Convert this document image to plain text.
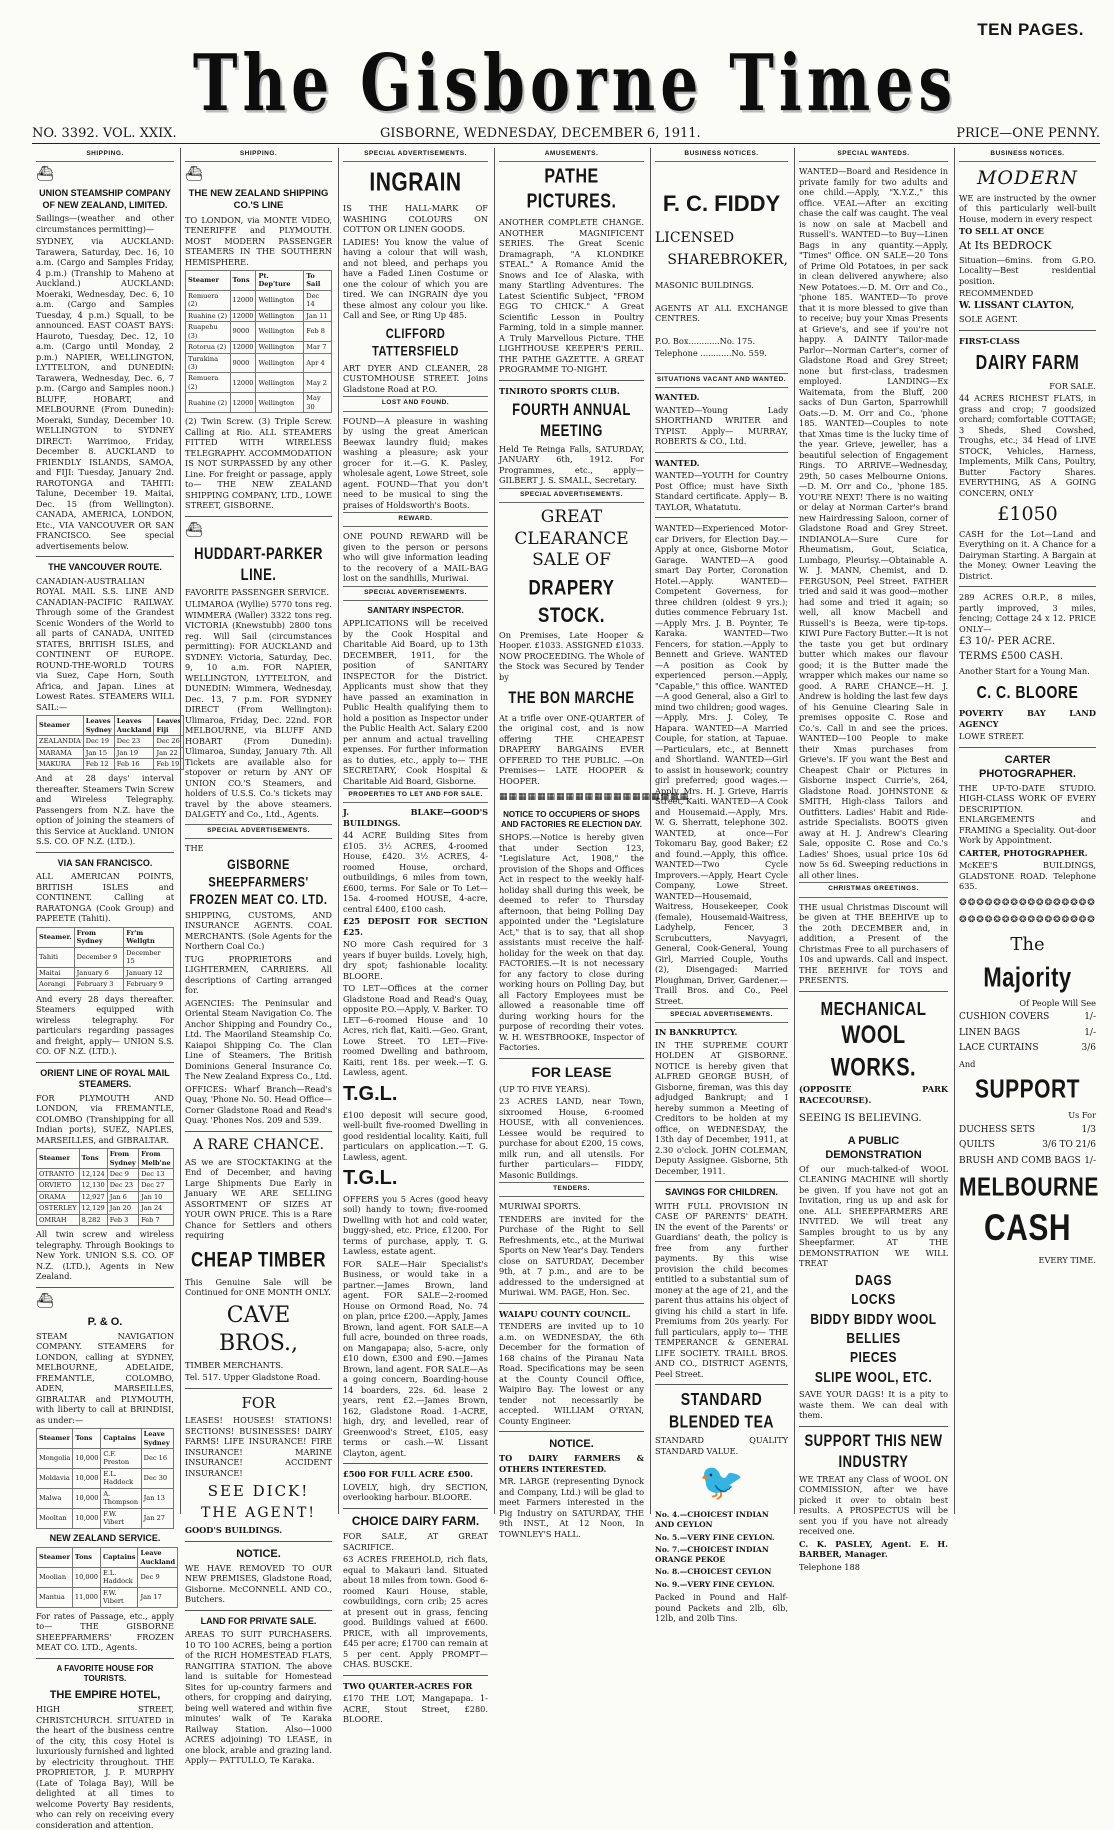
TEN PAGES.
The Gisborne Times
NO. 3392. VOL. XXIX.	GISBORNE, WEDNESDAY, DECEMBER 6, 1911.	PRICE—ONE PENNY.
SHIPPING.
⛴
UNION STEAMSHIP COMPANY OF NEW ZEALAND, LIMITED.

Sailings—(weather and other circumstances permitting)—

SYDNEY, via AUCKLAND: Tarawera, Saturday, Dec. 16, 10 a.m. (Cargo and Samples Friday, 4 p.m.) (Tranship to Maheno at Auckland.) AUCKLAND: Moeraki, Wednesday, Dec. 6, 10 a.m. (Cargo and Samples Tuesday, 4 p.m.) Squall, to be announced. EAST COAST BAYS: Hauroto, Tuesday, Dec. 12, 10 a.m. (Cargo until Monday, 2 p.m.) NAPIER, WELLINGTON, LYTTELTON, and DUNEDIN: Tarawera, Wednesday, Dec. 6, 7 p.m. (Cargo and Samples noon.) BLUFF, HOBART, and MELBOURNE (From Dunedin): Moeraki, Sunday, December 10. WELLINGTON to SYDNEY DIRECT: Warrimoo, Friday, December 8. AUCKLAND to FRIENDLY ISLANDS, SAMOA, and FIJI: Tuesday, January 2nd. RAROTONGA and TAHITI: Talune, December 19. Maitai, Dec. 15 (from Wellington). CANADA, AMERICA, LONDON, Etc., VIA VANCOUVER OR SAN FRANCISCO. See special advertisements below.

THE VANCOUVER ROUTE.

CANADIAN-AUSTRALIAN ROYAL MAIL S.S. LINE AND CANADIAN-PACIFIC RAILWAY. Through some of the Grandest Scenic Wonders of the World to all parts of CANADA, UNITED STATES, BRITISH ISLES, and CONTINENT OF EUROPE. ROUND-THE-WORLD TOURS via Suez, Cape Horn, South Africa, and Japan. Lines at Lowest Rates. STEAMERS WILL SAIL:—

Steamer	Leaves Sydney	Leaves Auckland	Leaves Fiji
ZEALANDIA	Dec 19	Dec 23	Dec 26
MARAMA	Jan 15	Jan 19	Jan 22
MAKURA	Feb 12	Feb 16	Feb 19

And at 28 days' interval thereafter. Steamers Twin Screw and Wireless Telegraphy. Passengers from N.Z. have the option of joining the steamers of this Service at Auckland. UNION S.S. CO. OF N.Z. (LTD.).

VIA SAN FRANCISCO.

ALL AMERICAN POINTS, BRITISH ISLES and CONTINENT. Calling at RARATONGA (Cook Group) and PAPEETE (Tahiti).

Steamer.	From Sydney	Fr'm Wellgtn
Tahiti	December 9	December 15
Maitai	January 6	January 12
Aorangi	February 3	February 9

And every 28 days thereafter. Steamers equipped with wireless telegraphy. For particulars regarding passages and freight, apply— UNION S.S. CO. OF N.Z. (LTD.).

ORIENT LINE OF ROYAL MAIL STEAMERS.

FOR PLYMOUTH AND LONDON, via FREMANTLE, COLOMBO (Transhipping for all Indian ports), SUEZ, NAPLES, MARSEILLES, and GIBRALTAR.

Steamer	Tons	From Sydney	From Melb'ne
OTRANTO	12,124	Dec 9	Dec 13
ORVIETO	12,130	Dec 23	Dec 27
ORAMA	12,927	Jan 6	Jan 10
OSTERLEY	12,129	Jan 20	Jan 24
OMRAH	8,282	Feb 3	Feb 7

All twin screw and wireless telegraphy. Through Bookings to New York. UNION S.S. CO. OF N.Z. (LTD.), Agents in New Zealand.

⛴
P. & O.

STEAM NAVIGATION COMPANY. STEAMERS for LONDON, calling at SYDNEY, MELBOURNE, ADELAIDE, FREMANTLE, COLOMBO, ADEN, MARSEILLES, GIBRALTAR and PLYMOUTH, with liberty to call at BRINDISI, as under:—

Steamer	Tons	Captains	Leave Sydney
Mongolia	10,000	C.F. Preston	Dec 16
Moldavia	10,000	E.L. Haddock	Dec 30
Malwa	10,000	A. Thompson	Jan 13
Mooltan	10,000	F.W. Vibert	Jan 27
NEW ZEALAND SERVICE.
Steamer	Tons	Captains	Leave Auckland
Moolian	10,000	E.L. Haddock	Dec 9
Mantua	11,000	F.W. Vibert	Jan 17

For rates of Passage, etc., apply to— THE GISBORNE SHEEPFARMERS' FROZEN MEAT CO. LTD., Agents.

A FAVORITE HOUSE FOR TOURISTS.
THE EMPIRE HOTEL,

HIGH STREET, CHRISTCHURCH. SITUATED in the heart of the business centre of the city, this cosy Hotel is luxuriously furnished and lighted by electricity throughout. THE PROPRIETOR, J. P. MURPHY (Late of Tolaga Bay), Will be delighted at all times to welcome Poverty Bay residents, who can rely on receiving every consideration and attention.

SHIPPING.
⛴
THE NEW ZEALAND SHIPPING CO.'S LINE

TO LONDON, via MONTE VIDEO, TENERIFFE and PLYMOUTH. MOST MODERN PASSENGER STEAMERS IN THE SOUTHERN HEMISPHERE.

Steamer	Tons	Pt. Dep'ture	To Sail
Remuera (2)	12000	Wellington	Dec 14
Ruahine (2)	12000	Wellington	Jan 11
Ruapehu (3)	9000	Wellington	Feb 8
Rotorua (2)	12000	Wellington	Mar 7
Turakina (3)	9000	Wellington	Apr 4
Remuera (2)	12000	Wellington	May 2
Ruahine (2)	12000	Wellington	May 30

(2) Twin Screw. (3) Triple Screw. Calling at Rio. ALL STEAMERS FITTED WITH WIRELESS TELEGRAPHY. ACCOMMODATION IS NOT SURPASSED by any other Line. For freight or passage, apply to— THE NEW ZEALAND SHIPPING COMPANY, LTD., LOWE STREET, GISBORNE.

⛴
HUDDART-PARKER LINE.

FAVORITE PASSENGER SERVICE.

ULIMAROA (Wyllie) 5770 tons reg. WIMMERA (Waller) 3322 tons reg. VICTORIA (Knewstubb) 2800 tons reg. Will Sail (circumstances permitting): FOR AUCKLAND and SYDNEY: Victoria, Saturday, Dec. 9, 10 a.m. FOR NAPIER, WELLINGTON, LYTTELTON, and DUNEDIN: Wimmera, Wednesday, Dec. 13, 7 p.m. FOR SYDNEY DIRECT (From Wellington): Ulimaroa, Friday, Dec. 22nd. FOR MELBOURNE, via BLUFF AND HOBART (From Dunedin): Ulimaroa, Sunday, January 7th. All Tickets are available also for stopover or return by ANY OF UNION CO.'S Steamers, and holders of U.S.S. Co.'s tickets may travel by the above steamers. DALGETY and Co., Ltd., Agents.

SPECIAL ADVERTISEMENTS.

THE

GISBORNE SHEEPFARMERS' FROZEN MEAT CO. LTD.

SHIPPING, CUSTOMS, AND INSURANCE AGENTS. COAL MERCHANTS. (Sole Agents for the Northern Coal Co.)

TUG PROPRIETORS and LIGHTERMEN, CARRIERS. All descriptions of Carting arranged for.

AGENCIES: The Peninsular and Oriental Steam Navigation Co. The Anchor Shipping and Foundry Co., Ltd. The Maoriland Steamship Co. Kaiapoi Shipping Co. The Clan Line of Steamers. The British Dominions General Insurance Co. The New Zealand Express Co., Ltd.

OFFICES: Wharf Branch—Read's Quay, 'Phone No. 50. Head Office—Corner Gladstone Road and Read's Quay. 'Phones Nos. 209 and 539.

A RARE CHANCE.

AS we are STOCKTAKING at the End of December, and having Large Shipments Due Early in January WE ARE SELLING ASSORTMENT OF SIZES AT YOUR OWN PRICE. This is a Rare Chance for Settlers and others requiring

CHEAP TIMBER

This Genuine Sale will be Continued for ONE MONTH ONLY.

CAVE BROS.,

TIMBER MERCHANTS.

Tel. 517. Upper Gladstone Road.

FOR

LEASES! HOUSES! STATIONS! SECTIONS! BUSINESSES! DAIRY FARMS! LIFE INSURANCE! FIRE INSURANCE! MARINE INSURANCE! ACCIDENT INSURANCE!

SEE DICK!
THE AGENT!

GOOD'S BUILDINGS.

NOTICE.

WE HAVE REMOVED TO OUR NEW PREMISES, Gladstone Road, Gisborne. McCONNELL AND CO., Butchers.

LAND FOR PRIVATE SALE.

AREAS TO SUIT PURCHASERS. 10 TO 100 ACRES, being a portion of the RICH HOMESTEAD FLATS, RANGITIRA STATION. The above land is suitable for Homestead Sites for up-country farmers and others, for cropping and dairying, being well watered and within five minutes' walk of Te Karaka Railway Station. Also—1000 ACRES adjoining) TO LEASE, in one block, arable and grazing land. Apply— PATTULLO, Te Karaka.

SPECIAL ADVERTISEMENTS.
INGRAIN

IS THE HALL-MARK OF WASHING COLOURS ON COTTON OR LINEN GOODS.

LADIES! You know the value of having a colour that will wash, and not bleed, and perhaps you have a Faded Linen Costume or one the colour of which you are tired. We can INGRAIN dye you these almost any colour you like. Call and See, or Ring Up 485.

CLIFFORD TATTERSFIELD

ART DYER AND CLEANER, 28 CUSTOMHOUSE STREET. Joins Gladstone Road at P.O.

LOST AND FOUND.

FOUND—A pleasure in washing by using the great American Beewax laundry fluid; makes washing a pleasure; ask your grocer for it.—G. K. Pasley, wholesale agent, Lowe Street, sole agent. FOUND—That you don't need to be musical to sing the praises of Holdsworth's Boots.

REWARD.

ONE POUND REWARD will be given to the person or persons who will give information leading to the recovery of a MAIL-BAG lost on the sandhills, Muriwai.

SPECIAL ADVERTISEMENTS.
SANITARY INSPECTOR.

APPLICATIONS will be received by the Cook Hospital and Charitable Aid Board, up to 13th DECEMBER, 1911, for the position of SANITARY INSPECTOR for the District. Applicants must show that they have passed an examination in Public Health qualifying them to hold a position as Inspector under the Public Health Act. Salary £200 per annum and actual travelling expenses. For further information as to duties, etc., apply to— THE SECRETARY, Cook Hospital & Charitable Aid Board, Gisborne.

PROPERTIES TO LET AND FOR SALE.

J. BLAKE—GOOD'S BUILDINGS.

44 ACRE Building Sites from £105. 3½ ACRES, 4-roomed House, £420. 3½ ACRES, 4-roomed House, orchard, outbuildings, 6 miles from town, £600, terms. For Sale or To Let—15a. 4-roomed HOUSE, 4-acre, central £400, £100 cash.

£25 DEPOSIT FOR SECTION £25.

NO more Cash required for 3 years if buyer builds. Lovely, high, dry spot; fashionable locality. BLOORE.

TO LET—Offices at the corner Gladstone Road and Read's Quay, opposite P.O.—Apply, V. Barker. TO LET—6-roomed House and 10 Acres, rich flat, Kaiti.—Geo. Grant, Lowe Street. TO LET—Five-roomed Dwelling and bathroom, Kaiti, rent 18s. per week.—T. G. Lawless, agent.

T.G.L.

£100 deposit will secure good, well-built five-roomed Dwelling in good residential locality. Kaiti, full particulars on application.—T. G. Lawless, agent.

T.G.L.

OFFERS you 5 Acres (good heavy soil) handy to town; five-roomed Dwelling with hot and cold water, buggy-shed, etc. Price, £1200. For terms of purchase, apply, T. G. Lawless, estate agent.

FOR SALE—Hair Specialist's Business, or would take in a partner.—James Brown, land agent. FOR SALE—2-roomed House on Ormond Road, No. 74 on plan, price £200.—Apply, James Brown, land agent. FOR SALE—A full acre, bounded on three roads, on Mangapapa; also, 5-acre, only £10 down, £300 and £90.—James Brown, land agent. FOR SALE—As a going concern, Boarding-house 14 boarders, 22s. 6d. lease 2 years, rent £2.—James Brown, 162, Gladstone Road. 1-ACRE, high, dry, and levelled, rear of Greenwood's Street, £105, easy terms or cash.—W. Lissant Clayton, agent.

£500 FOR FULL ACRE £500.

LOVELY, high, dry SECTION, overlooking harbour. BLOORE.

CHOICE DAIRY FARM.

FOR SALE, AT GREAT SACRIFICE.

63 ACRES FREEHOLD, rich flats, equal to Makauri land. Situated about 18 miles from town. Good 6-roomed Kauri House, stable, cowbuildings, corn crib; 25 acres at present out in grass, fencing good. Buildings valued at £600. PRICE, with all improvements, £45 per acre; £1700 can remain at 5 per cent. Apply PROMPT— CHAS. BUSCKE.

TWO QUARTER-ACRES FOR

£170 THE LOT, Mangapapa. 1-ACRE, Stout Street, £280. BLOORE.

AMUSEMENTS.
PATHE PICTURES.

ANOTHER COMPLETE CHANGE. ANOTHER MAGNIFICENT SERIES. The Great Scenic Dramagraph, "A KLONDIKE STEAL." A Romance Amid the Snows and Ice of Alaska, with many Startling Adventures. The Latest Scientific Subject, "FROM EGG TO CHICK." A Great Scientific Lesson in Poultry Farming, told in a simple manner. A Truly Marvellous Picture. THE LIGHTHOUSE KEEPER'S PERIL. THE PATHE GAZETTE. A GREAT PROGRAMME TO-NIGHT.

TINIROTO SPORTS CLUB.

FOURTH ANNUAL MEETING

Held Te Reinga Falls, SATURDAY, JANUARY 6th, 1912. For Programmes, etc., apply— GILBERT J. S. SMALL, Secretary.

SPECIAL ADVERTISEMENTS.
GREAT CLEARANCE SALE OF
DRAPERY STOCK.

On Premises, Late Hooper & Hooper. £1033. ASSIGNED £1033. NOW PROCEEDING. The Whole of the Stock was Secured by Tender by

THE BON MARCHE

At a trifle over ONE-QUARTER of the original cost, and is now offering THE CHEAPEST DRAPERY BARGAINS EVER OFFERED TO THE PUBLIC. —On Premises— LATE HOOPER & HOOPER.

▦▦▦▦▦▦▦▦▦▦▦▦▦▦▦▦▦▦▦▦
NOTICE TO OCCUPIERS OF SHOPS AND FACTORIES RE ELECTION DAY.

SHOPS.—Notice is hereby given that under Section 123, "Legislature Act, 1908," the provision of the Shops and Offices Act in respect to the weekly half-holiday shall during this week, be deemed to refer to Thursday afternoon, that being Polling Day appointed under the "Legislature Act," that is to say, that all shop assistants must receive the half-holiday for the week on that day. FACTORIES.—It is not necessary for any factory to close during working hours on Polling Day, but all Factory Employees must be allowed a reasonable time off during working hours for the purpose of recording their votes. W. H. WESTBROOKE, Inspector of Factories.

FOR LEASE

(UP TO FIVE YEARS).

23 ACRES LAND, near Town, sixroomed House, 6-roomed HOUSE, with all conveniences. Lessee would be required to purchase for about £200, 15 cows, milk run, and all utensils. For further particulars— FIDDY, Masonic Buildings.

TENDERS.

MURIWAI SPORTS.

TENDERS are invited for the Purchase of the Right to Sell Refreshments, etc., at the Muriwai Sports on New Year's Day. Tenders close on SATURDAY, December 9th, at 7 p.m., and are to be addressed to the undersigned at Muriwai. WM. PAGE, Hon. Sec.

WAIAPU COUNTY COUNCIL.

TENDERS are invited up to 10 a.m. on WEDNESDAY, the 6th December for the formation of 168 chains of the Piranau Nata Road. Specifications may be seen at the County Council Office, Waipiro Bay. The lowest or any tender not necessarily be accepted. WILLIAM O'RYAN, County Engineer.

NOTICE.

TO DAIRY FARMERS & OTHERS INTERESTED.

MR. LARGE (representing Dynock and Company, Ltd.) will be glad to meet Farmers interested in the Pig Industry on SATURDAY, THE 9th INST., At 12 Noon, In TOWNLEY'S HALL.

BUSINESS NOTICES.
F. C. FIDDY
LICENSED
SHAREBROKER,

MASONIC BUILDINGS.

AGENTS AT ALL EXCHANGE CENTRES.

P.O. Box............No. 175.

Telephone ............No. 559.

SITUATIONS VACANT AND WANTED.

WANTED.

WANTED—Young Lady SHORTHAND WRITER and TYPIST. Apply— MURRAY, ROBERTS & CO., Ltd.

WANTED.

WANTED—YOUTH for Country Post Office; must have Sixth Standard certificate. Apply— B. TAYLOR, Whatatutu.

WANTED—Experienced Motor-car Drivers, for Election Day.—Apply at once, Gisborne Motor Garage. WANTED—A good smart Day Porter, Coronation Hotel.—Apply. WANTED—Competent Governess, for three children (oldest 9 yrs.); duties commence February 1st.—Apply Mrs. J. B. Poynter, Te Karaka. WANTED—Two Fencers, for station.—Apply to Bennett and Grieve. WANTED—A position as Cook by experienced person.—Apply, "Capable," this office. WANTED—A good General, also a Girl to mind two children; good wages.—Apply, Mrs. J. Coley, Te Hapara. WANTED—A Married Couple, for station, at Tapuae.—Particulars, etc., at Bennett and Shortland. WANTED—Girl to assist in housework; country girl preferred; good wages.—Apply, Mrs. H. J. Grieve, Harris Street, Kaiti. WANTED—A Cook and Housemaid.—Apply, Mrs. W. G. Sherratt, telephone 302. WANTED, at once—For Tokomaru Bay, good Baker; £2 and found.—Apply, this office. WANTED—Two Cycle Improvers.—Apply, Heart Cycle Company, Lowe Street. WANTED—Housemaid, Waitress, Housekeeper, Cook (female), Housemaid-Waitress, Ladyhelp, Fencer, 3 Scrubcutters, Navyagri, General, Cook-General, Young Girl, Married Couple, Youths (2), Disengaged: Married Ploughman, Driver, Gardener.—Traill Bros. and Co., Peel Street.

SPECIAL ADVERTISEMENTS.

IN BANKRUPTCY.

IN THE SUPREME COURT HOLDEN AT GISBORNE. NOTICE is hereby given that ALFRED GEORGE BUSH, of Gisborne, fireman, was this day adjudged Bankrupt; and I hereby summon a Meeting of Creditors to be holden at my office, on WEDNESDAY, the 13th day of December, 1911, at 2.30 o'clock. JOHN COLEMAN, Deputy Assignee. Gisborne, 5th December, 1911.

SAVINGS FOR CHILDREN.

WITH FULL PROVISION IN CASE OF PARENTS' DEATH. IN the event of the Parents' or Guardians' death, the policy is free from any further payments. By this wise provision the child becomes entitled to a substantial sum of money at the age of 21, and the parent thus attains his object of giving his child a start in life. Premiums from 20s yearly. For full particulars, apply to— THE TEMPERANCE & GENERAL LIFE SOCIETY. TRAILL BROS. AND CO., DISTRICT AGENTS, Peel Street.

STANDARD BLENDED TEA

STANDARD QUALITY STANDARD VALUE.

🐦
No. 4.—CHOICEST INDIAN AND CEYLON
No. 5.—VERY FINE CEYLON.
No. 7.—CHOICEST INDIAN ORANGE PEKOE
No. 8.—CHOICEST CEYLON
No. 9.—VERY FINE CEYLON.

Packed in Pound and Half-pound Packets and 2lb, 6lb, 12lb, and 20lb Tins.

SPECIAL WANTEDS.

WANTED—Board and Residence in private family for two adults and one child.—Apply, "X.Y.Z.," this office. VEAL—After an exciting chase the calf was caught. The veal is now on sale at Macbell and Russell's. WANTED—to Buy—Linen Bags in any quantity.—Apply, "Times" Office. ON SALE—20 Tons of Prime Old Potatoes, in per sack in clean delivered anywhere; also New Potatoes.—D. M. Orr and Co., 'phone 185. WANTED—To prove that it is more blessed to give than to receive; buy your Xmas Presents at Grieve's, and see if you're not happy. A DAINTY Tailor-made Parlor—Norman Carter's, corner of Gladstone Road and Grey Street; none but first-class, tradesmen employed. LANDING—Ex Waitemata, from the Bluff, 200 sacks of Dun Garton, Sparrowhill Oats.—D. M. Orr and Co., 'phone 185. WANTED—Couples to note that Xmas time is the lucky time of the year. Grieve, jeweller, has a beautiful selection of Engagement Rings. TO ARRIVE—Wednesday, 29th, 50 cases Melbourne Onions.—D. M. Orr and Co., 'phone 185. YOU'RE NEXT! There is no waiting or delay at Norman Carter's brand new Hairdressing Saloon, corner of Gladstone Road and Grey Street. INDIANOLA—Sure Cure for Rheumatism, Gout, Sciatica, Lumbago, Pleurisy.—Obtainable A. W. J. MANN, Chemist, and D. FERGUSON, Peel Street. FATHER tried and said it was good—mother had some and tried it again; so well, all know Macbell and Russell's is Beeza, were tip-tops. KIWI Pure Factory Butter.—It is not the taste you get but ordinary butter which makes our flavour good; it is the Butter made the wrapper which makes our name so good. A RARE CHANCE—H. J. Andrew is holding the last few days of his Genuine Clearing Sale in premises opposite C. Rose and Co.'s. Call in and see the prices. WANTED—100 People to make their Xmas purchases from Grieve's. IF you want the Best and Cheapest Chair or Pictures in Gisborne inspect Currie's, 264, Gladstone Road. JOHNSTONE & SMITH, High-class Tailors and Outfitters. Ladies' Habit and Ride-astride Specialists. BOOTS given away at H. J. Andrew's Clearing Sale, opposite C. Rose and Co.'s Ladies' Shoes, usual price 10s 6d now 5s 6d. Sweeping reductions in all other lines.

CHRISTMAS GREETINGS.

THE usual Christmas Discount will be given at THE BEEHIVE up to the 20th DECEMBER and, in addition, a Present of the Christmas Free to all purchasers of 10s and upwards. Call and inspect. THE BEEHIVE for TOYS and PRESENTS.

MECHANICAL
WOOL WORKS.

(OPPOSITE PARK RACECOURSE).

SEEING IS BELIEVING.

A PUBLIC DEMONSTRATION

Of our much-talked-of WOOL CLEANING MACHINE will shortly be given. If you have not got an Invitation, ring us up and ask for one. ALL SHEEPFARMERS ARE INVITED. We will treat any Samples brought to us by any Sheepfarmer. AT THE DEMONSTRATION WE WILL TREAT

DAGS
LOCKS
BIDDY BIDDY WOOL
BELLIES
PIECES
SLIPE WOOL, ETC.

SAVE YOUR DAGS! It is a pity to waste them. We can deal with them.

SUPPORT THIS NEW INDUSTRY

WE TREAT any Class of WOOL ON COMMISSION, after we have picked it over to obtain best results. A PROSPECTUS will be sent you if you have not already received one.

C. K. PASLEY, Agent. E. H. BARBER, Manager.

Telephone 188

BUSINESS NOTICES.
MODERN

WE are instructed by the owner of this particularly well-built House, modern in every respect

TO SELL AT ONCE

At Its BEDROCK

Situation—6mins. from G.P.O. Locality—Best residential position.

RECOMMENDED

W. LISSANT CLAYTON,

SOLE AGENT.

FIRST-CLASS

DAIRY FARM

FOR SALE.

44 ACRES RICHEST FLATS, in grass and crop; 7 goodsized orchard; comfortable COTTAGE; 3 Sheds, Shed Cowshed, Troughs, etc.; 34 Head of LIVE STOCK, Vehicles, Harness, Implements, Milk Cans, Poultry, Butter Factory Shares. EVERYTHING, AS A GOING CONCERN, ONLY

£1050

CASH for the Lot—Land and Everything on it. A Chance for a Dairyman Starting. A Bargain at the Money. Owner Leaving the District.

289 ACRES O.R.P., 8 miles, partly improved, 3 miles, fencing; Cottage 24 x 12. PRICE ONLY—

£3 10/- PER ACRE.

TERMS £500 CASH.

Another Start for a Young Man.

C. C. BLOORE

POVERTY BAY LAND AGENCY

LOWE STREET.

CARTER PHOTOGRAPHER.

THE UP-TO-DATE STUDIO. HIGH-CLASS WORK OF EVERY DESCRIPTION. ENLARGEMENTS and FRAMING a Speciality. Out-door Work by Appointment.

CARTER, PHOTOGRAPHER.

McKEE'S BUILDINGS, GLADSTONE ROAD. Telephone 635.

❂❂❂❂❂❂❂❂❂❂❂❂❂❂❂❂
❂❂❂❂❂❂❂❂❂❂❂❂❂❂❂❂
The
Majority

Of People Will See

CUSHION COVERS	1/-
LINEN BAGS	1/-
LACE CURTAINS	3/6

And

SUPPORT

Us For

DUCHESS SETS	1/3
QUILTS	3/6 TO 21/6
BRUSH AND COMB BAGS 1/-
MELBOURNE
CASH

EVERY TIME.
